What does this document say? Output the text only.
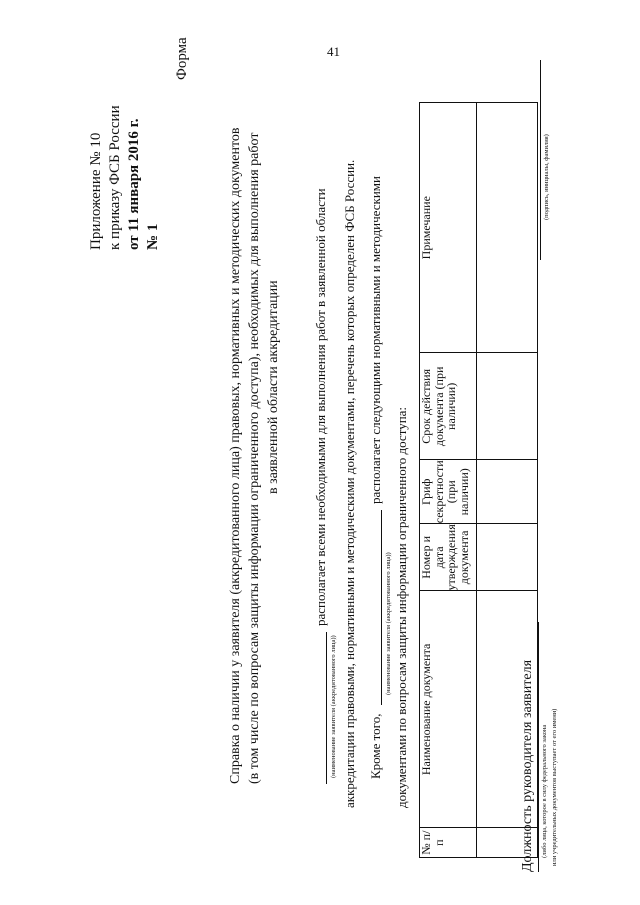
41
Приложение № 10 к приказу ФСБ России от 11 января 2016 г. № 1
Форма
Справка о наличии у заявителя (аккредитованного лица) правовых, нормативных и методических документов (в том числе по вопросам защиты информации ограниченного доступа), необходимых для выполнения работ в заявленной области аккредитации располагает всеми необходимыми для выполнения работ в заявленной области
(наименование заявителя (аккредитованного лица)) аккредитации правовыми, нормативными и методическими документами, перечень которых определен ФСБ России. Кроме того,
располагает следующими нормативными и методическими
(наименование заявителя (аккредитованного лица)) документами по вопросам защиты информации ограниченного доступа:
№ п/п	Наименование документа	Номер и дата утверждения документа	Гриф секретности (при наличии)	Срок действия документа (при наличии)	Примечание

Должность руководителя заявителя (либо лица, которое в силу федерального закона или учредительных документов выступает от его имени)
(подпись, инициалы, фамилия)
